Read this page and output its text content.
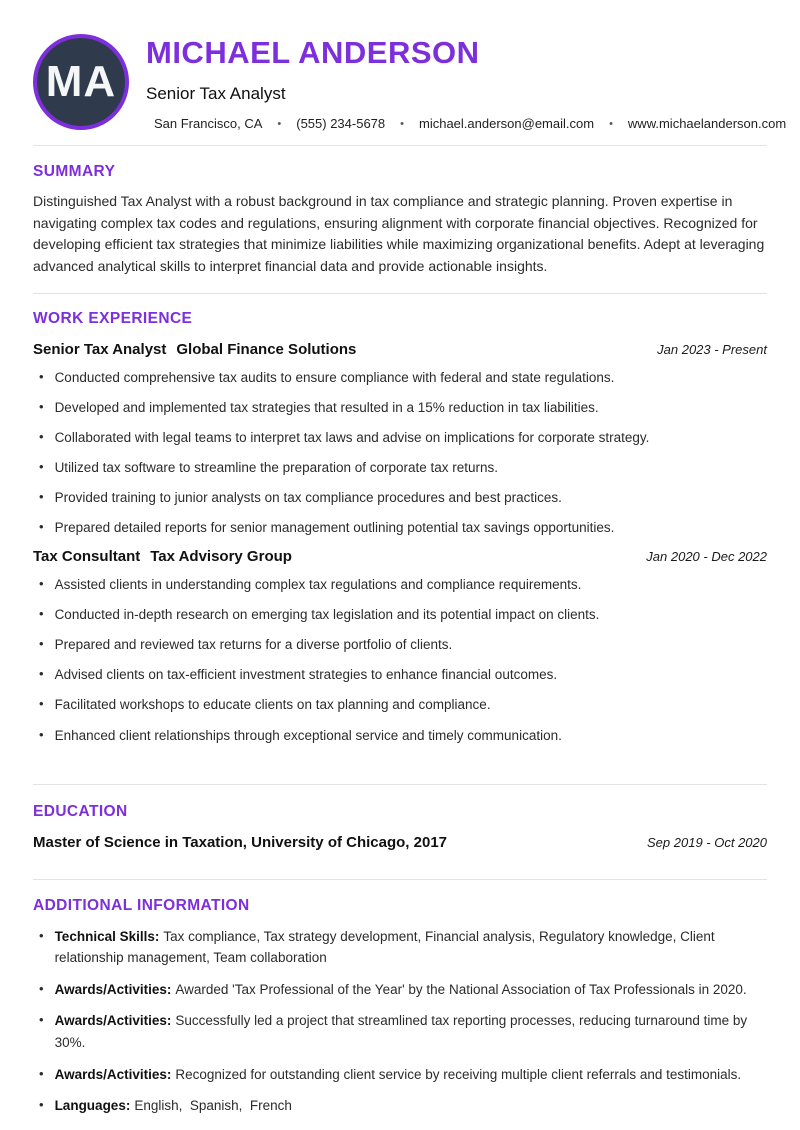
MA
MICHAEL ANDERSON
Senior Tax Analyst
San Francisco, CA • (555) 234-5678 • michael.anderson@email.com • www.michaelanderson.com
SUMMARY

Distinguished Tax Analyst with a robust background in tax compliance and strategic planning. Proven expertise in navigating complex tax codes and regulations, ensuring alignment with corporate financial objectives. Recognized for developing efficient tax strategies that minimize liabilities while maximizing organizational benefits. Adept at leveraging advanced analytical skills to interpret financial data and provide actionable insights.

WORK EXPERIENCE
Senior Tax Analyst Global Finance Solutions	Jan 2023 - Present
• Conducted comprehensive tax audits to ensure compliance with federal and state regulations.
• Developed and implemented tax strategies that resulted in a 15% reduction in tax liabilities.
• Collaborated with legal teams to interpret tax laws and advise on implications for corporate strategy.
• Utilized tax software to streamline the preparation of corporate tax returns.
• Provided training to junior analysts on tax compliance procedures and best practices.
• Prepared detailed reports for senior management outlining potential tax savings opportunities.
Tax Consultant Tax Advisory Group	Jan 2020 - Dec 2022
• Assisted clients in understanding complex tax regulations and compliance requirements.
• Conducted in-depth research on emerging tax legislation and its potential impact on clients.
• Prepared and reviewed tax returns for a diverse portfolio of clients.
• Advised clients on tax-efficient investment strategies to enhance financial outcomes.
• Facilitated workshops to educate clients on tax planning and compliance.
• Enhanced client relationships through exceptional service and timely communication.
EDUCATION
Master of Science in Taxation, University of Chicago, 2017	Sep 2019 - Oct 2020
ADDITIONAL INFORMATION
• Technical Skills: Tax compliance, Tax strategy development, Financial analysis, Regulatory knowledge, Client relationship management, Team collaboration
• Awards/Activities: Awarded 'Tax Professional of the Year' by the National Association of Tax Professionals in 2020.
• Awards/Activities: Successfully led a project that streamlined tax reporting processes, reducing turnaround time by 30%.
• Awards/Activities: Recognized for outstanding client service by receiving multiple client referrals and testimonials.
• Languages: English,  Spanish,  French
